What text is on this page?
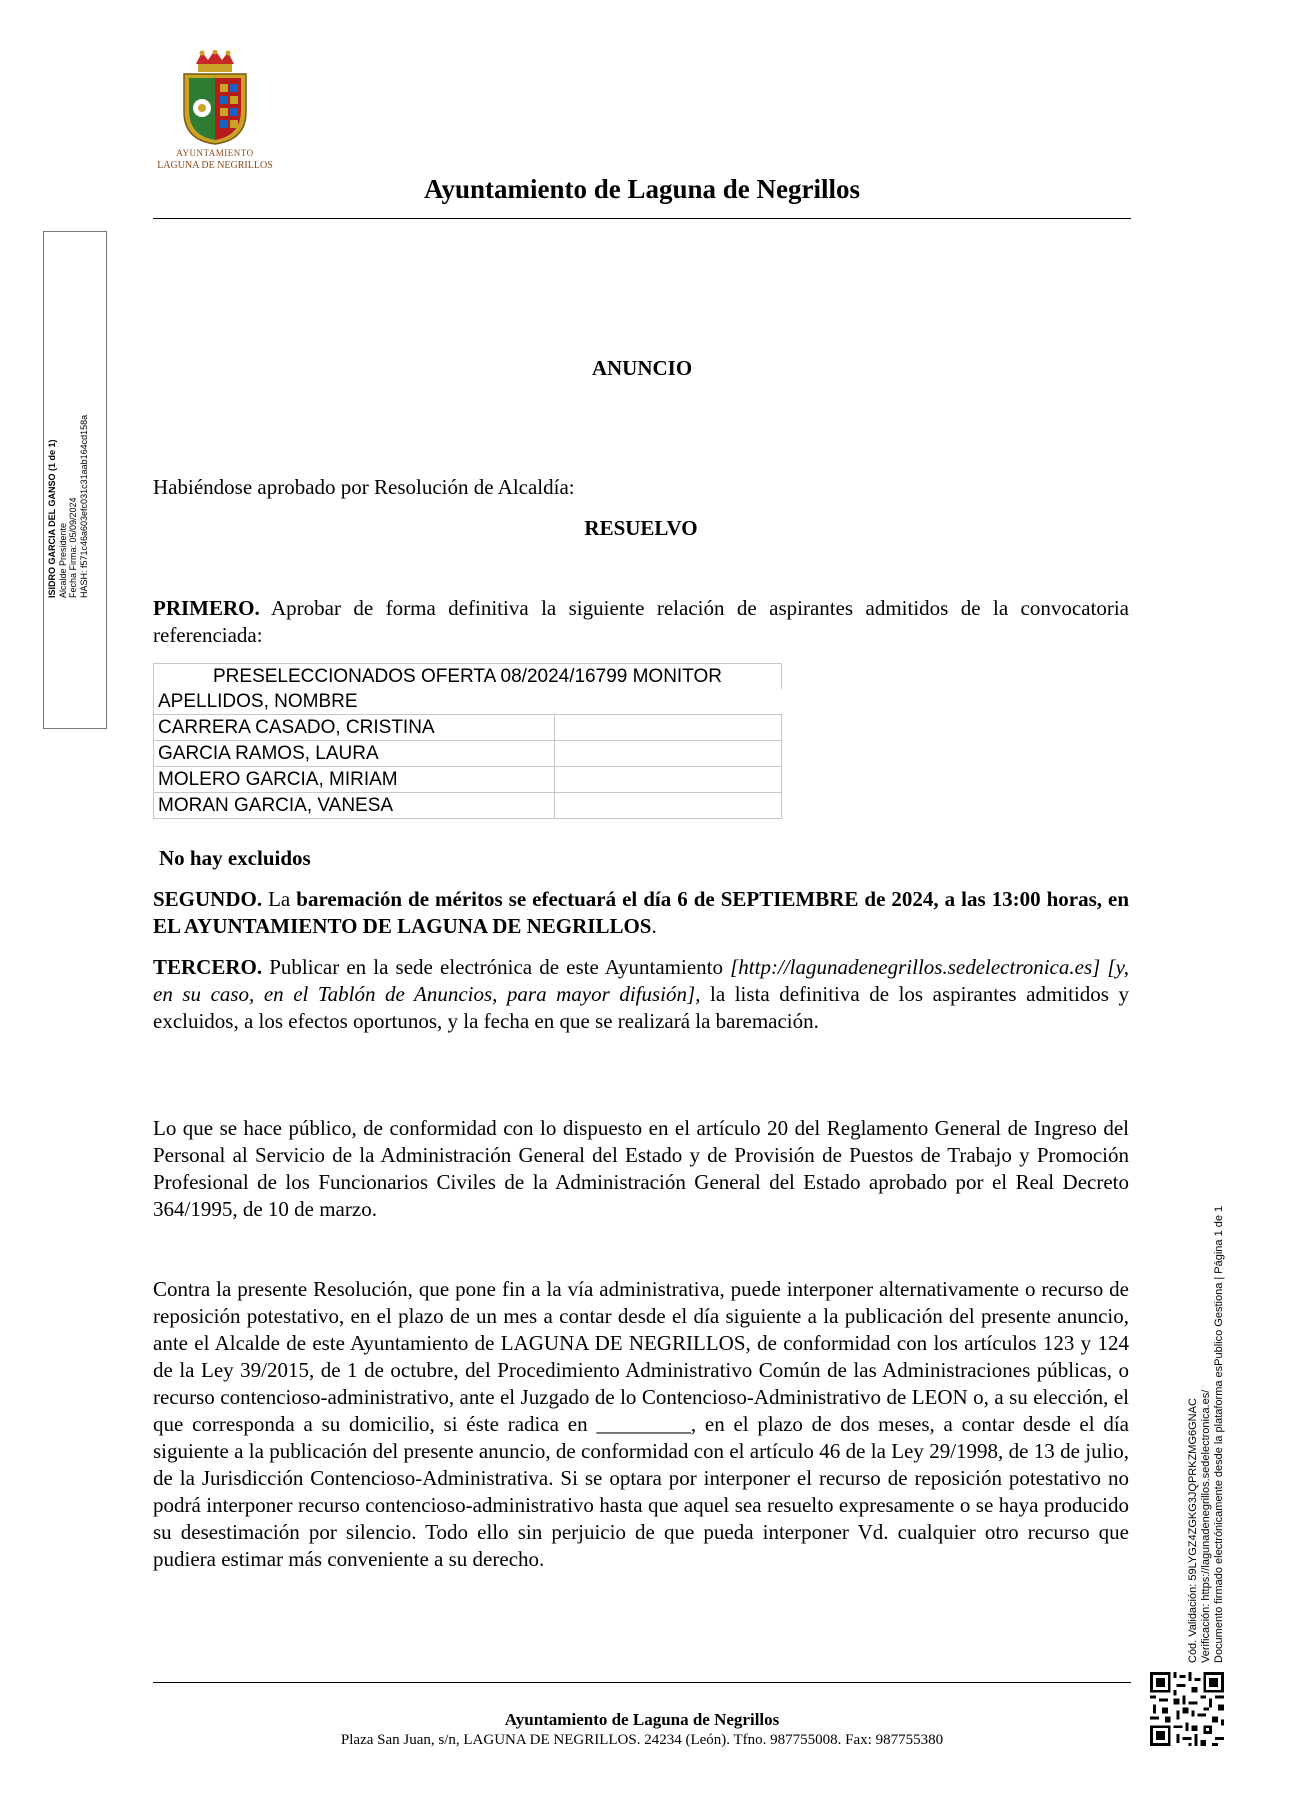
AYUNTAMIENTO
LAGUNA DE NEGRILLOS
Ayuntamiento de Laguna de Negrillos
ISIDRO GARCIA DEL GANSO (1 de 1) Alcalde Presidente Fecha Firma: 05/09/2024 HASH: f571c46a603efc031c31aab164cd158a
ANUNCIO
Habiéndose aprobado por Resolución de Alcaldía:
RESUELVO
PRIMERO. Aprobar de forma definitiva la siguiente relación de aspirantes admitidos de la convocatoria referenciada:
PRESELECCIONADOS OFERTA 08/2024/16799 MONITOR	
APELLIDOS, NOMBRE	
CARRERA CASADO, CRISTINA	
GARCIA RAMOS, LAURA	
MOLERO GARCIA, MIRIAM	
MORAN GARCIA, VANESA	
No hay excluidos
SEGUNDO. La baremación de méritos se efectuará el día 6 de SEPTIEMBRE de 2024, a las 13:00 horas, en EL AYUNTAMIENTO DE LAGUNA DE NEGRILLOS.
TERCERO. Publicar en la sede electrónica de este Ayuntamiento [http://lagunadenegrillos.sedelectronica.es] [y, en su caso, en el Tablón de Anuncios, para mayor difusión], la lista definitiva de los aspirantes admitidos y excluidos, a los efectos oportunos, y la fecha en que se realizará la baremación.
Lo que se hace público, de conformidad con lo dispuesto en el artículo 20 del Reglamento General de Ingreso del Personal al Servicio de la Administración General del Estado y de Provisión de Puestos de Trabajo y Promoción Profesional de los Funcionarios Civiles de la Administración General del Estado aprobado por el Real Decreto 364/1995, de 10 de marzo.
Contra la presente Resolución, que pone fin a la vía administrativa, puede interponer alternativamente o recurso de reposición potestativo, en el plazo de un mes a contar desde el día siguiente a la publicación del presente anuncio, ante el Alcalde de este Ayuntamiento de LAGUNA DE NEGRILLOS, de conformidad con los artículos 123 y 124 de la Ley 39/2015, de 1 de octubre, del Procedimiento Administrativo Común de las Administraciones públicas, o recurso contencioso-administrativo, ante el Juzgado de lo Contencioso-Administrativo de LEON o, a su elección, el que corresponda a su domicilio, si éste radica en _________, en el plazo de dos meses, a contar desde el día siguiente a la publicación del presente anuncio, de conformidad con el artículo 46 de la Ley 29/1998, de 13 de julio, de la Jurisdicción Contencioso-Administrativa. Si se optara por interponer el recurso de reposición potestativo no podrá interponer recurso contencioso-administrativo hasta que aquel sea resuelto expresamente o se haya producido su desestimación por silencio. Todo ello sin perjuicio de que pueda interponer Vd. cualquier otro recurso que pudiera estimar más conveniente a su derecho.	Cód. Validación: 59LYGZ4ZGKG3JQPRKZMG6GNAC Verificación: https://lagunadenegrillos.sedelectronica.es/ Documento firmado electrónicamente desde la plataforma esPublico Gestiona | Página 1 de 1
Ayuntamiento de Laguna de Negrillos
Plaza San Juan, s/n, LAGUNA DE NEGRILLOS. 24234 (León). Tfno. 987755008. Fax: 987755380
